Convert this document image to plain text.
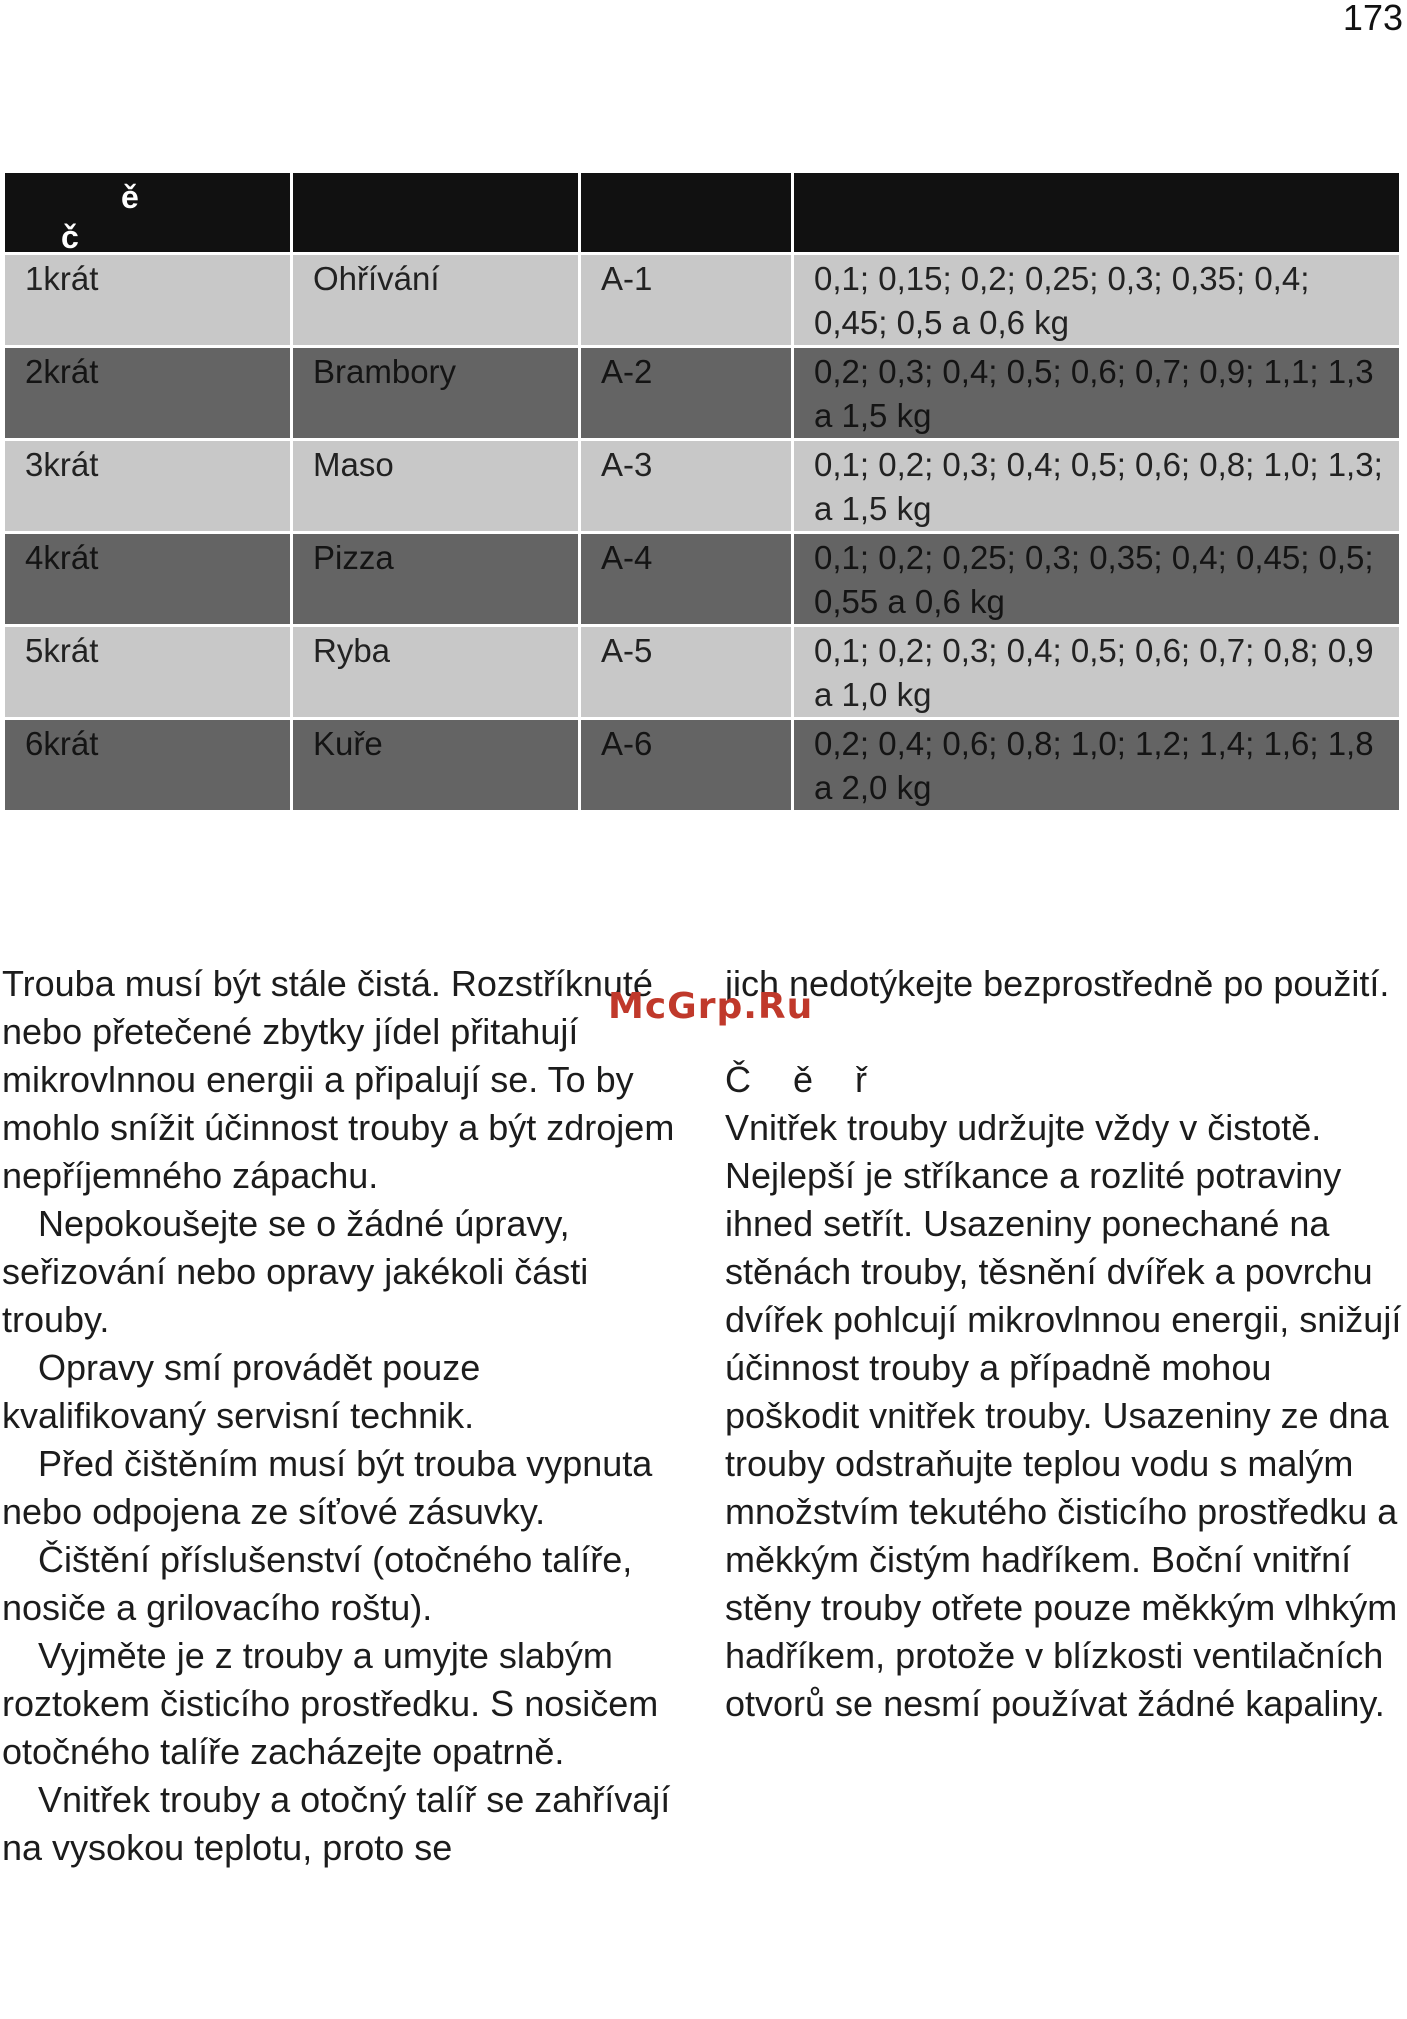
173
ě
č			

1krát	Ohřívání	A-1	0,1; 0,15; 0,2; 0,25; 0,3; 0,35; 0,4; 0,45; 0,5 a 0,6 kg
2krát	Brambory	A-2	0,2; 0,3; 0,4; 0,5; 0,6; 0,7; 0,9; 1,1; 1,3 a 1,5 kg
3krát	Maso	A-3	0,1; 0,2; 0,3; 0,4; 0,5; 0,6; 0,8; 1,0; 1,3; a 1,5 kg
4krát	Pizza	A-4	0,1; 0,2; 0,25; 0,3; 0,35; 0,4; 0,45; 0,5; 0,55 a 0,6 kg
5krát	Ryba	A-5	0,1; 0,2; 0,3; 0,4; 0,5; 0,6; 0,7; 0,8; 0,9 a 1,0 kg
6krát	Kuře	A-6	0,2; 0,4; 0,6; 0,8; 1,0; 1,2; 1,4; 1,6; 1,8 a 2,0 kg

Trouba musí být stále čistá. Rozstříknuté nebo přetečené zbytky jídel přitahují mikrovlnnou energii a připalují se. To by mohlo snížit účinnost trouby a být zdrojem nepříjemného zápachu.

Nepokoušejte se o žádné úpravy, seřizování nebo opravy jakékoli části trouby.

Opravy smí provádět pouze kvalifikovaný servisní technik.

Před čištěním musí být trouba vypnuta nebo odpojena ze síťové zásuvky.

Čištění příslušenství (otočného talíře, nosiče a grilovacího roštu).

Vyjměte je z trouby a umyjte slabým roztokem čisticího prostředku. S nosičem otočného talíře zacházejte opatrně.

Vnitřek trouby a otočný talíř se zahřívají na vysokou teplotu, proto se

jich nedotýkejte bezprostředně po použití.

Č ě ř

Vnitřek trouby udržujte vždy v čistotě. Nejlepší je stříkance a rozlité potraviny ihned setřít. Usazeniny ponechané na stěnách trouby, těsnění dvířek a povrchu dvířek pohlcují mikrovlnnou energii, snižují účinnost trouby a případně mohou poškodit vnitřek trouby. Usazeniny ze dna trouby odstraňujte teplou vodu s malým množstvím tekutého čisticího prostředku a měkkým čistým hadříkem. Boční vnitřní stěny trouby otřete pouze měkkým vlhkým hadříkem, protože v blízkosti ventilačních otvorů se nesmí používat žádné kapaliny.

McGrp.Ru
